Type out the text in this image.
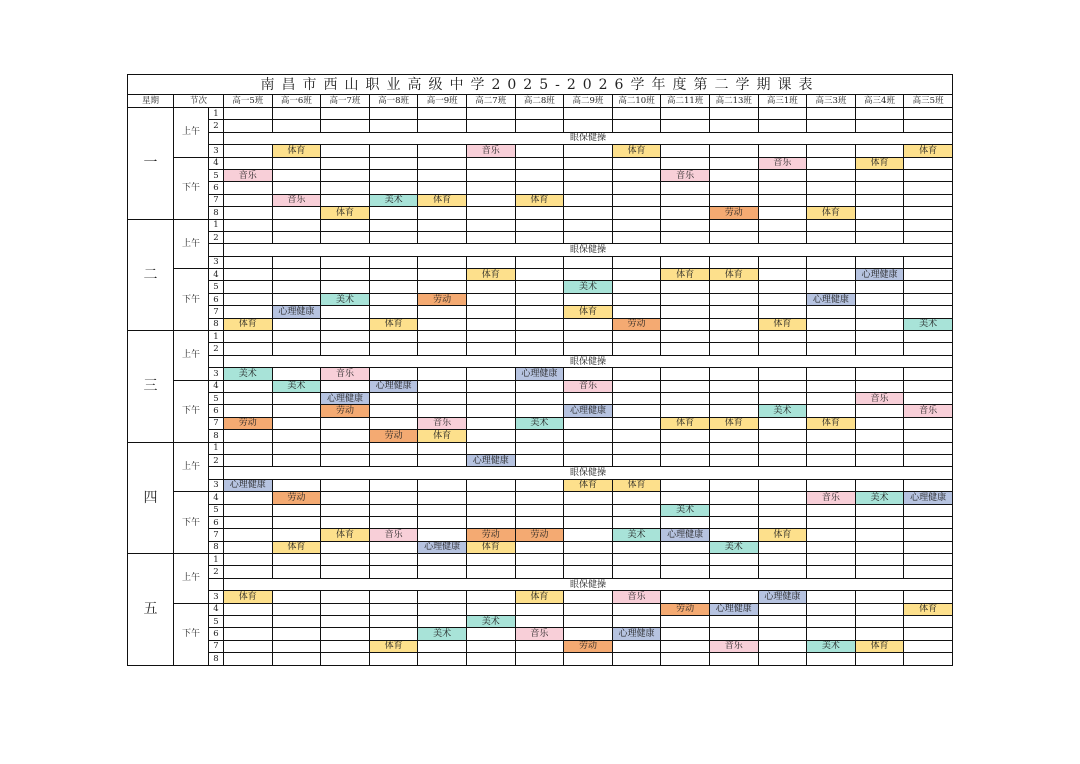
南昌市西山职业高级中学2025-2026学年度第二学期课表																	
星期	节次		高一5班	高一6班	高一7班	高一8班	高一9班	高二7班	高二8班	高二9班	高二10班	高二11班	高二13班	高三1班	高三3班	高三4班	高三5班
一	上午	1															
		2															
			眼保健操														
		3		体育				音乐			体育						体育
	下午	4												音乐		体育	
		5	音乐									音乐					
		6															
		7		音乐		美术	体育		体育								
		8			体育								劳动		体育		
二	上午	1															
		2															
			眼保健操														
		3															
	下午	4						体育				体育	体育			心理健康	
		5								美术							
		6			美术		劳动								心理健康		
		7		心理健康						体育							
		8	体育			体育					劳动			体育			美术
三	上午	1															
		2															
			眼保健操														
		3	美术		音乐				心理健康								
	下午	4		美术		心理健康				音乐							
		5			心理健康											音乐	
		6			劳动					心理健康				美术			音乐
		7	劳动				音乐		美术			体育	体育		体育		
		8				劳动	体育										
四	上午	1															
		2						心理健康									
			眼保健操														
		3	心理健康							体育	体育						
	下午	4		劳动											音乐	美术	心理健康
		5										美术					
		6															
		7			体育	音乐		劳动	劳动		美术	心理健康		体育			
		8		体育			心理健康	体育					美术				
五	上午	1															
		2															
			眼保健操														
		3	体育						体育		音乐			心理健康			
	下午	4										劳动	心理健康				体育
		5						美术									
		6					美术		音乐		心理健康						
		7				体育				劳动			音乐		美术	体育	
		8															
